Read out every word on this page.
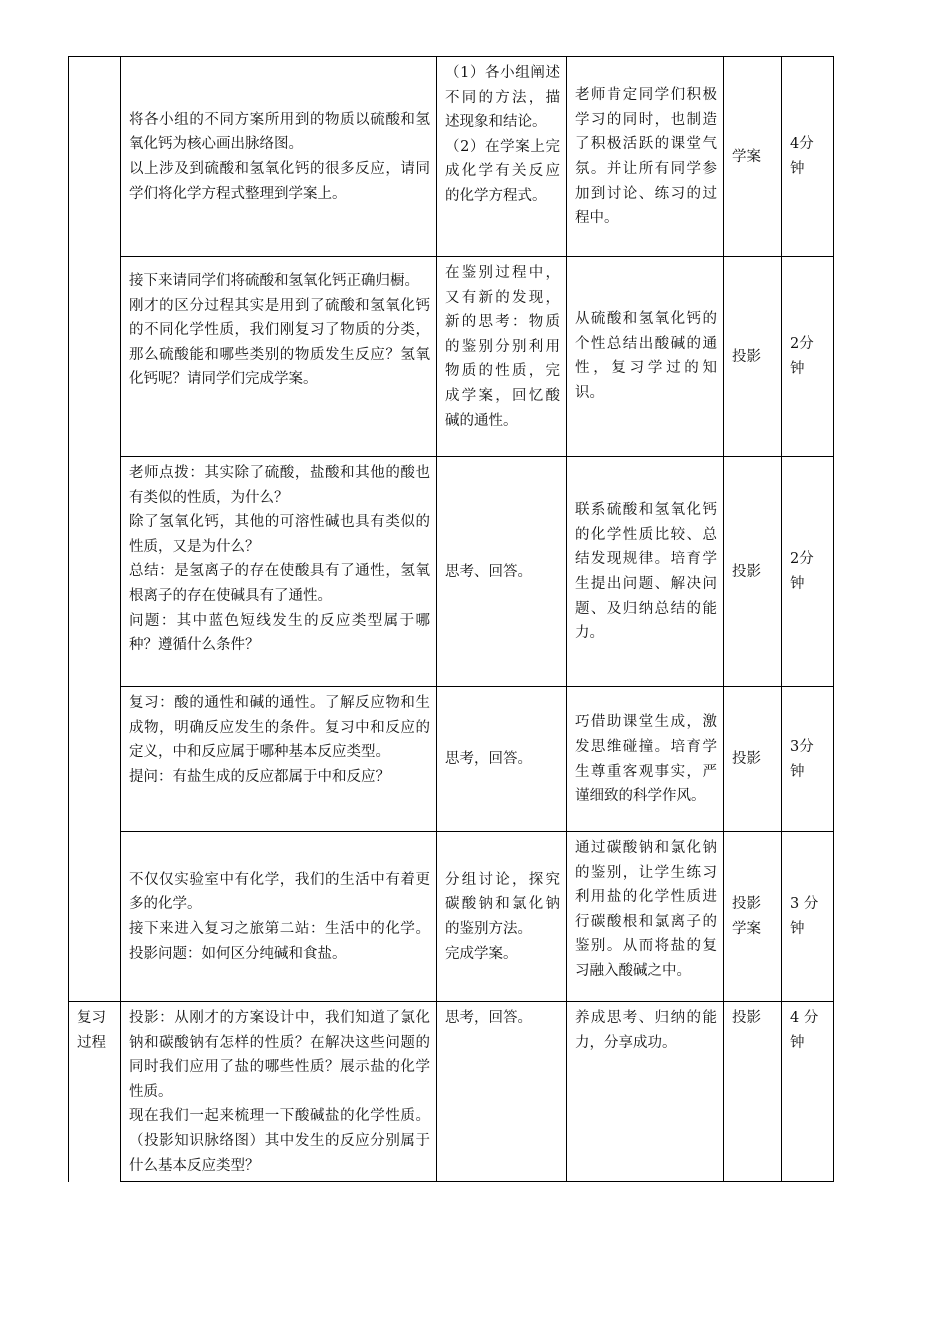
	将各小组的不同方案所用到的物质以硫酸和氢氧化钙为核心画出脉络图。
以上涉及到硫酸和氢氧化钙的很多反应，请同学们将化学方程式整理到学案上。	（1）各小组阐述不同的方法，描述现象和结论。
（2）在学案上完成化学有关反应的化学方程式。	老师肯定同学们积极学习的同时，也制造了积极活跃的课堂气氛。并让所有同学参加到讨论、练习的过程中。	学案	4分钟

	接下来请同学们将硫酸和氢氧化钙正确归橱。
刚才的区分过程其实是用到了硫酸和氢氧化钙的不同化学性质，我们刚复习了物质的分类，那么硫酸能和哪些类别的物质发生反应？氢氧化钙呢？请同学们完成学案。	在鉴别过程中，又有新的发现，新的思考：物质的鉴别分别利用物质的性质，完成学案，回忆酸碱的通性。	从硫酸和氢氧化钙的个性总结出酸碱的通性，复习学过的知识。	投影	2分钟

	老师点拨：其实除了硫酸，盐酸和其他的酸也有类似的性质，为什么？
除了氢氧化钙，其他的可溶性碱也具有类似的性质，又是为什么？
总结：是氢离子的存在使酸具有了通性，氢氧根离子的存在使碱具有了通性。
问题：其中蓝色短线发生的反应类型属于哪种？遵循什么条件？	思考、回答。	联系硫酸和氢氧化钙的化学性质比较、总结发现规律。培育学生提出问题、解决问题、及归纳总结的能力。	投影	2分钟

	复习：酸的通性和碱的通性。了解反应物和生成物，明确反应发生的条件。复习中和反应的定义，中和反应属于哪种基本反应类型。
提问：有盐生成的反应都属于中和反应？	思考，回答。	巧借助课堂生成，激发思维碰撞。培育学生尊重客观事实，严谨细致的科学作风。	投影	3分钟

	不仅仅实验室中有化学，我们的生活中有着更多的化学。
接下来进入复习之旅第二站：生活中的化学。投影问题：如何区分纯碱和食盐。	分组讨论，探究碳酸钠和氯化钠的鉴别方法。
完成学案。	通过碳酸钠和氯化钠的鉴别，让学生练习利用盐的化学性质进行碳酸根和氯离子的鉴别。从而将盐的复习融入酸碱之中。	投影学案	3 分钟
复习过程	投影：从刚才的方案设计中，我们知道了氯化钠和碳酸钠有怎样的性质？在解决这些问题的同时我们应用了盐的哪些性质？展示盐的化学性质。
现在我们一起来梳理一下酸碱盐的化学性质。（投影知识脉络图）其中发生的反应分别属于什么基本反应类型？	思考，回答。	养成思考、归纳的能力，分享成功。	投影	4 分钟
